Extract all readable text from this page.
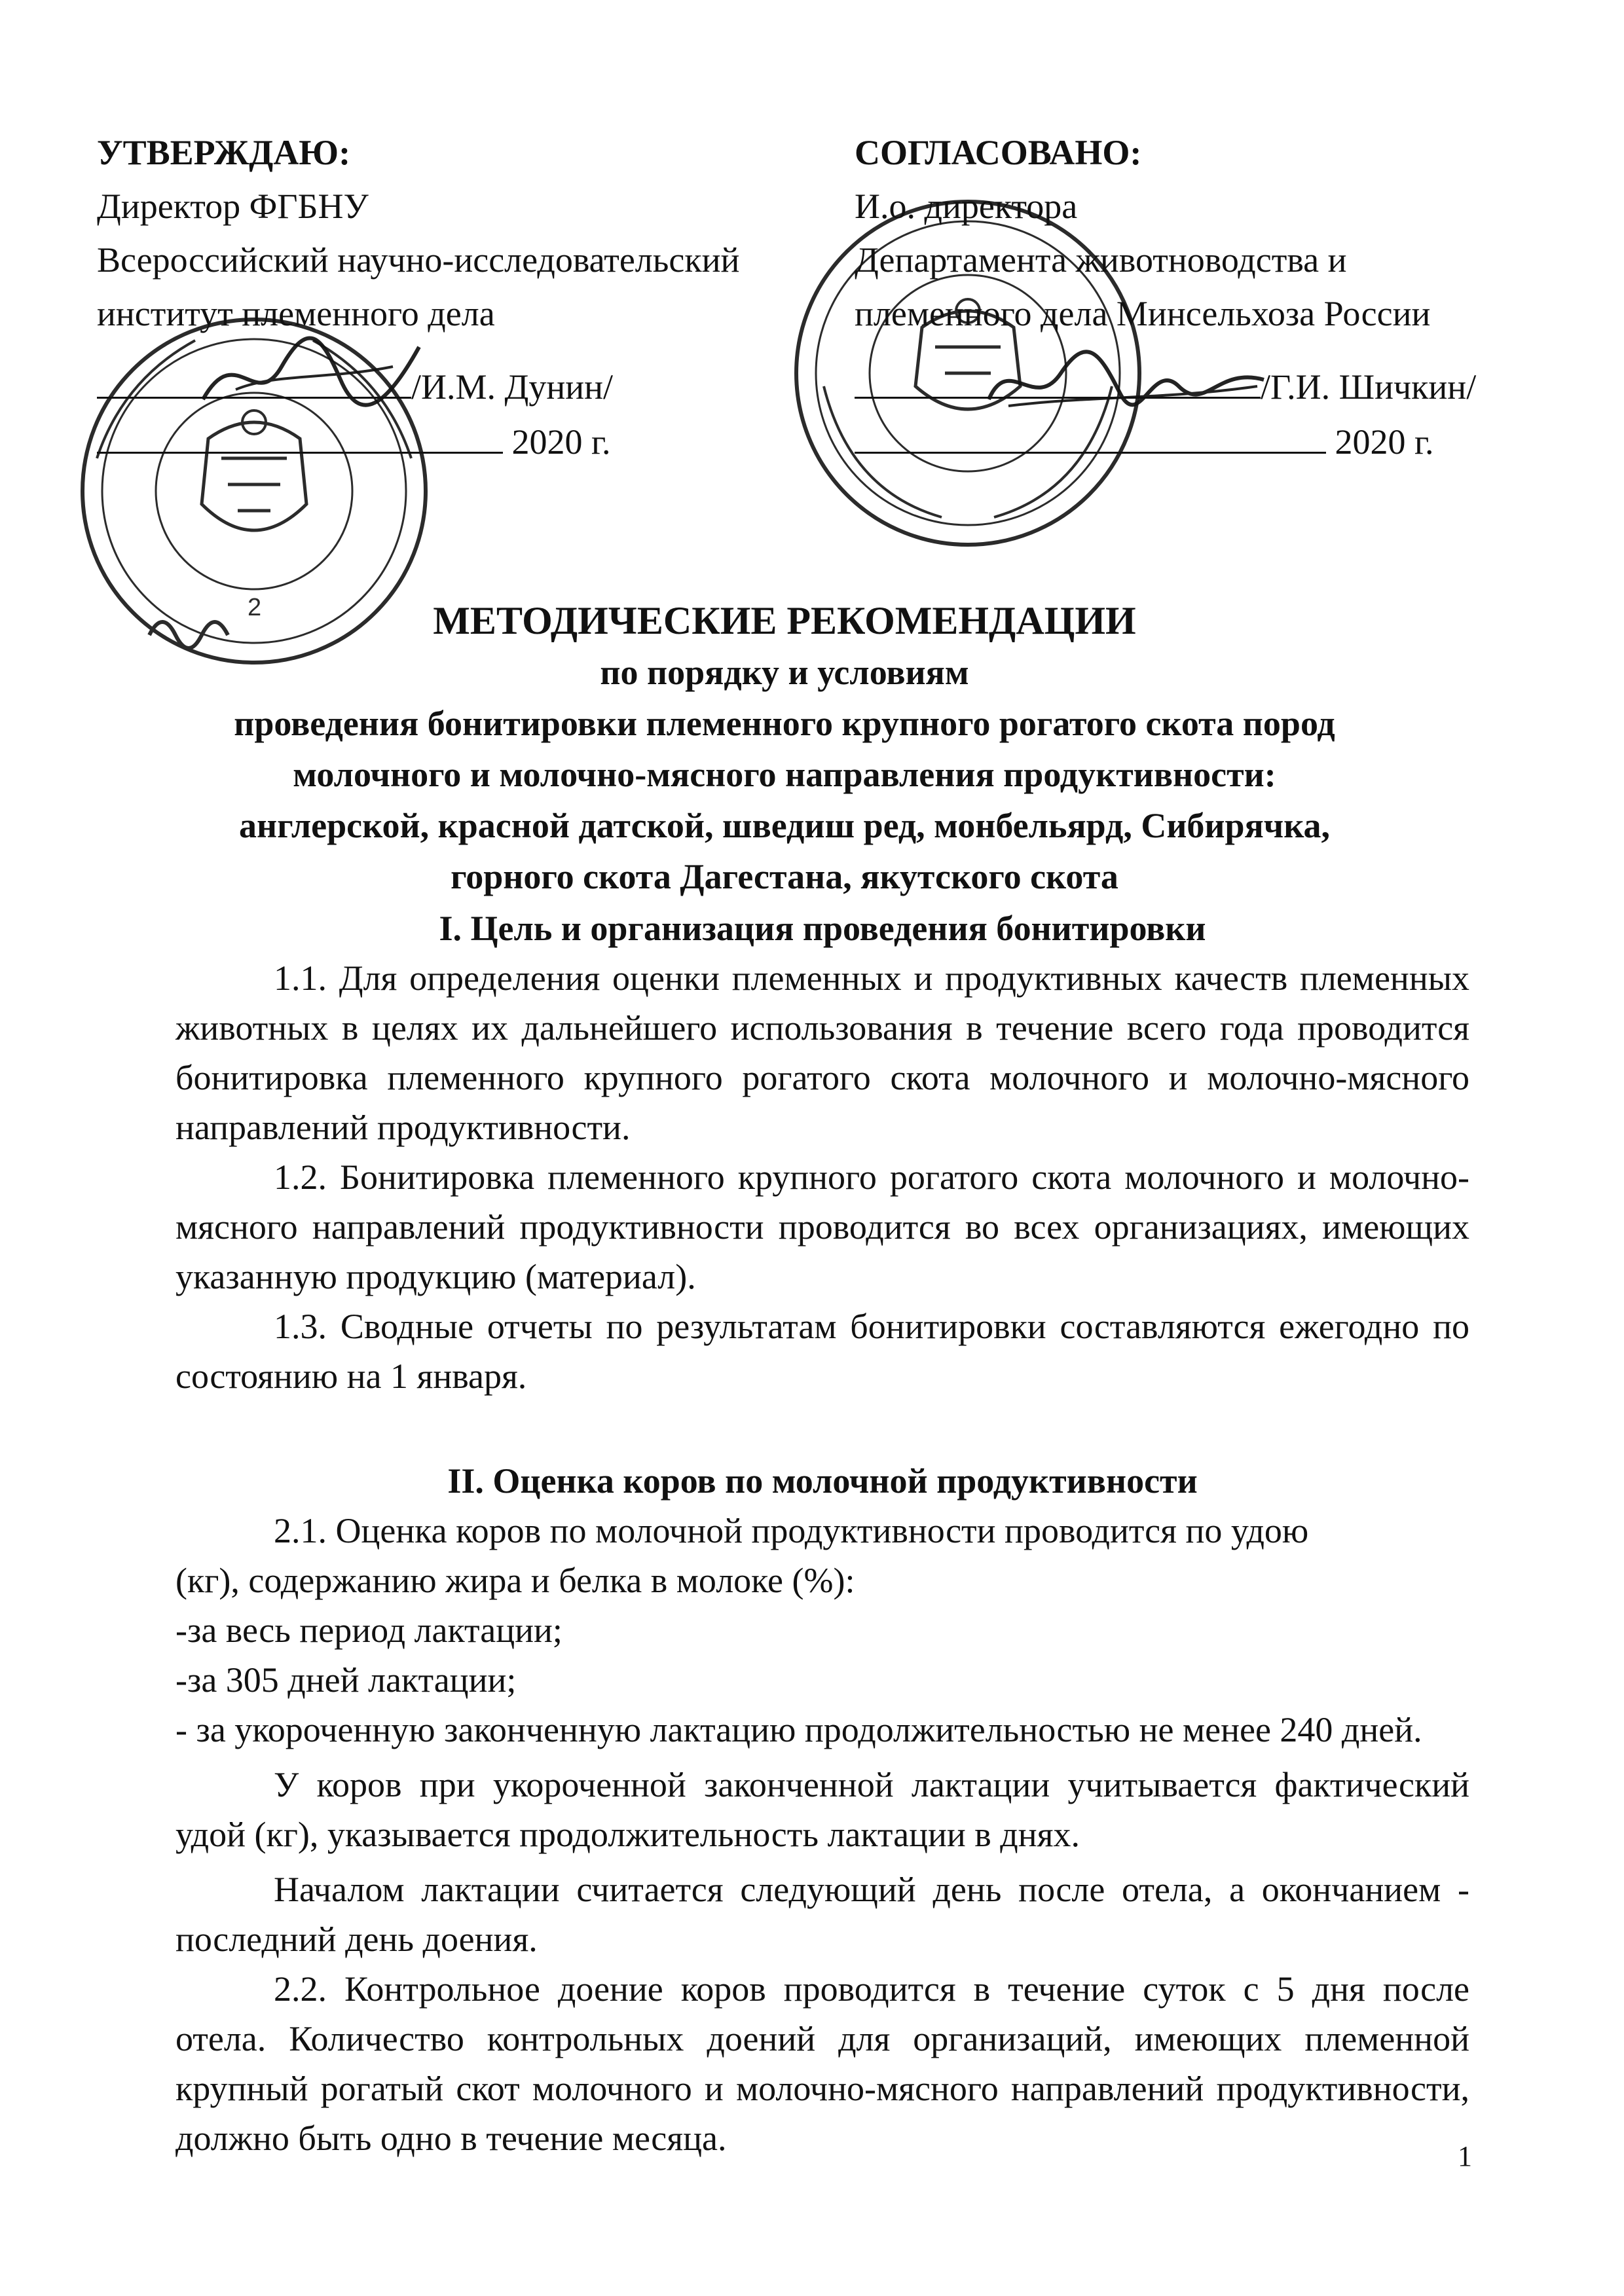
2
УТВЕРЖДАЮ:
Директор ФГБНУ
Всероссийский научно-исследовательский
институт племенного дела
/И.М. Дунин/
2020 г.
СОГЛАСОВАНО:
И.о. директора
Департамента животноводства и
племенного дела Минсельхоза России
/Г.И. Шичкин/
2020 г.
МЕТОДИЧЕСКИЕ РЕКОМЕНДАЦИИ
по порядку и условиям
проведения бонитировки племенного крупного рогатого скота пород
молочного и молочно-мясного направления продуктивности:
англерской, красной датской, шведиш ред, монбельярд, Сибирячка,
горного скота Дагестана, якутского скота

I. Цель и организация проведения бонитировки

1.1. Для определения оценки племенных и продуктивных качеств племенных животных в целях их дальнейшего использования в течение всего года проводится бонитировка племенного крупного рогатого скота молочного и молочно-мясного направлений продуктивности.

1.2. Бонитировка племенного крупного рогатого скота молочного и молочно-мясного направлений продуктивности проводится во всех организациях, имеющих указанную продукцию (материал).

1.3. Сводные отчеты по результатам бонитировки составляются ежегодно по состоянию на 1 января.

II. Оценка коров по молочной продуктивности

2.1. Оценка коров по молочной продуктивности проводится по удою

(кг), содержанию жира и белка в молоке (%):

-за весь период лактации;

-за 305 дней лактации;

- за укороченную законченную лактацию продолжительностью не менее 240 дней.

У коров при укороченной законченной лактации учитывается фактический удой (кг), указывается продолжительность лактации в днях.

Началом лактации считается следующий день после отела, а окончанием - последний день доения.

2.2. Контрольное доение коров проводится в течение суток с 5 дня после отела. Количество контрольных доений для организаций, имеющих племенной крупный рогатый скот молочного и молочно-мясного направлений продуктивности, должно быть одно в течение месяца.	1
